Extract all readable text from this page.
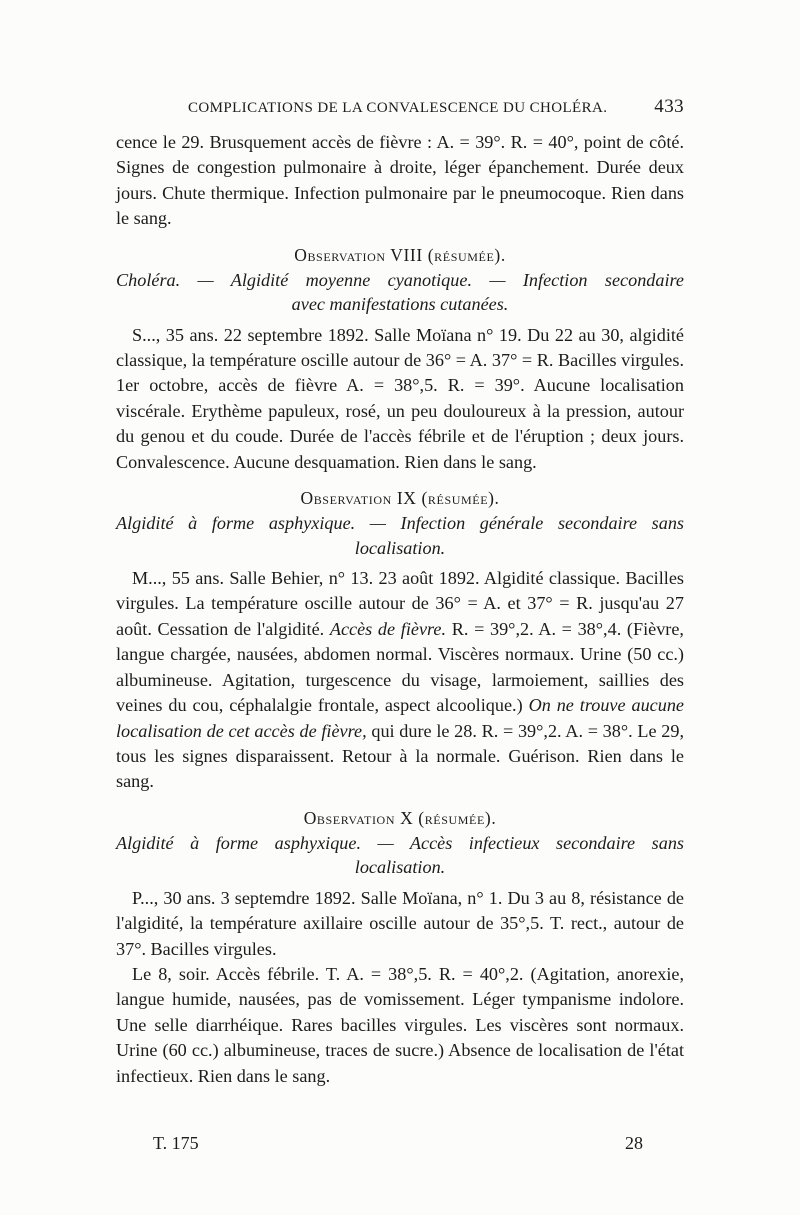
COMPLICATIONS DE LA CONVALESCENCE DU CHOLÉRA. 433

cence le 29. Brusquement accès de fièvre : A. = 39°. R. = 40°, point de côté. Signes de congestion pulmonaire à droite, léger épanchement. Durée deux jours. Chute thermique. Infection pulmonaire par le pneumocoque. Rien dans le sang.

Observation VIII (résumée).

Choléra. — Algidité moyenne cyanotique. — Infection secondaire
avec manifestations cutanées.

S..., 35 ans. 22 septembre 1892. Salle Moïana n° 19. Du 22 au 30, algidité classique, la température oscille autour de 36° = A. 37° = R. Bacilles virgules. 1er octobre, accès de fièvre A. = 38°,5. R. = 39°. Aucune localisation viscérale. Erythème papuleux, rosé, un peu douloureux à la pression, autour du genou et du coude. Durée de l'accès fébrile et de l'éruption ; deux jours. Convalescence. Aucune desquamation. Rien dans le sang.

Observation IX (résumée).

Algidité à forme asphyxique. — Infection générale secondaire sans
localisation.

M..., 55 ans. Salle Behier, n° 13. 23 août 1892. Algidité classique. Bacilles virgules. La température oscille autour de 36° = A. et 37° = R. jusqu'au 27 août. Cessation de l'algidité. Accès de fièvre. R. = 39°,2. A. = 38°,4. (Fièvre, langue chargée, nausées, abdomen normal. Viscères normaux. Urine (50 cc.) albumineuse. Agitation, turgescence du visage, larmoiement, saillies des veines du cou, céphalalgie frontale, aspect alcoolique.) On ne trouve aucune localisation de cet accès de fièvre, qui dure le 28. R. = 39°,2. A. = 38°. Le 29, tous les signes disparaissent. Retour à la normale. Guérison. Rien dans le sang.

Observation X (résumée).

Algidité à forme asphyxique. — Accès infectieux secondaire sans
localisation.

P..., 30 ans. 3 septemdre 1892. Salle Moïana, n° 1. Du 3 au 8, résistance de l'algidité, la température axillaire oscille autour de 35°,5. T. rect., autour de 37°. Bacilles virgules.

Le 8, soir. Accès fébrile. T. A. = 38°,5. R. = 40°,2. (Agitation, anorexie, langue humide, nausées, pas de vomissement. Léger tympanisme indolore. Une selle diarrhéique. Rares bacilles virgules. Les viscères sont normaux. Urine (60 cc.) albumineuse, traces de sucre.) Absence de localisation de l'état infectieux. Rien dans le sang.

T. 175	28
